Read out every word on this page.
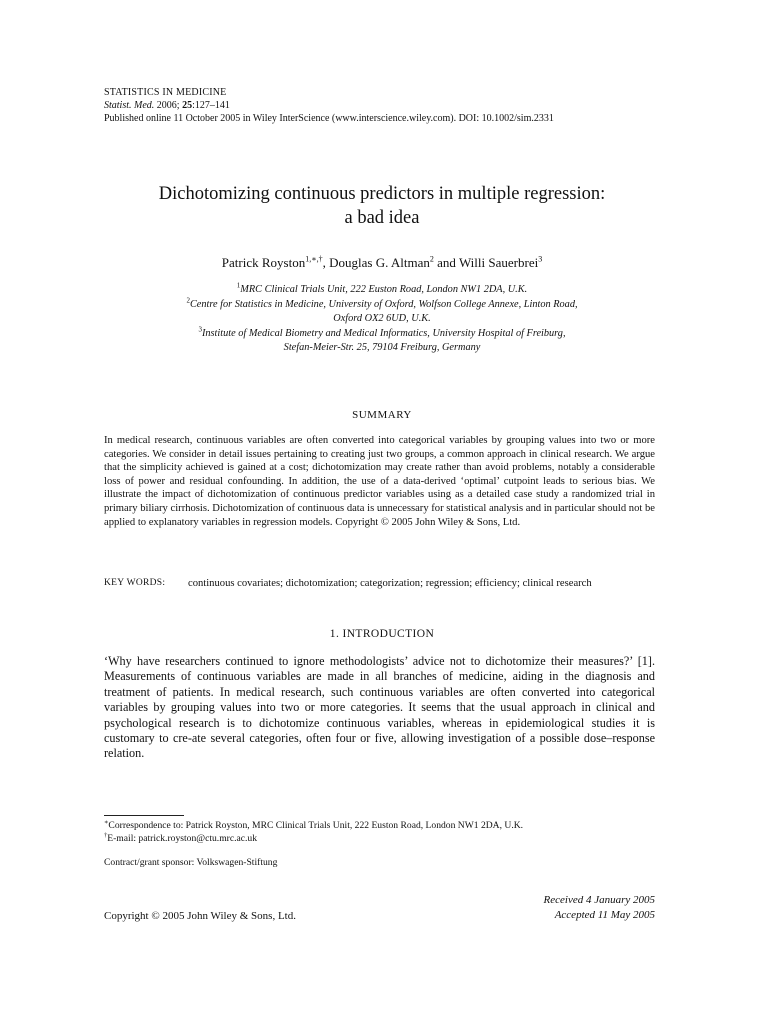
STATISTICS IN MEDICINE
Statist. Med. 2006; 25:127–141
Published online 11 October 2005 in Wiley InterScience (www.interscience.wiley.com). DOI: 10.1002/sim.2331
Dichotomizing continuous predictors in multiple regression:
a bad idea
Patrick Royston$^{1,∗,\dagger}$, Douglas G. Altman$^2$ and Willi Sauerbrei$^3$
$^1$MRC Clinical Trials Unit, 222 Euston Road, London NW1 2DA, U.K.
$^2$Centre for Statistics in Medicine, University of Oxford, Wolfson College Annexe, Linton Road,
Oxford OX2 6UD, U.K.
$^3$Institute of Medical Biometry and Medical Informatics, University Hospital of Freiburg,
Stefan-Meier-Str. 25, 79104 Freiburg, Germany
SUMMARY
In medical research, continuous variables are often converted into categorical variables by grouping values into two or more categories. We consider in detail issues pertaining to creating just two groups, a common approach in clinical research. We argue that the simplicity achieved is gained at a cost; dichotomization may create rather than avoid problems, notably a considerable loss of power and residual confounding. In addition, the use of a data-derived ‘optimal’ cutpoint leads to serious bias. We illustrate the impact of dichotomization of continuous predictor variables using as a detailed case study a randomized trial in primary biliary cirrhosis. Dichotomization of continuous data is unnecessary for statistical analysis and in particular should not be applied to explanatory variables in regression models. Copyright © 2005 John Wiley & Sons, Ltd.
KEY WORDS:	continuous covariates; dichotomization; categorization; regression; efficiency; clinical research
1. INTRODUCTION
‘Why have researchers continued to ignore methodologists’ advice not to dichotomize their measures?’ [1]. Measurements of continuous variables are made in all branches of medicine, aiding in the diagnosis and treatment of patients. In medical research, such continuous variables are often converted into categorical variables by grouping values into two or more categories. It seems that the usual approach in clinical and psychological research is to dichotomize continuous variables, whereas in epidemiological studies it is customary to cre-ate several categories, often four or five, allowing investigation of a possible dose–response relation.
∗Correspondence to: Patrick Royston, MRC Clinical Trials Unit, 222 Euston Road, London NW1 2DA, U.K.
†E-mail: patrick.royston@ctu.mrc.ac.uk
Contract/grant sponsor: Volkswagen-Stiftung
Received 4 January 2005
Accepted 11 May 2005
Copyright © 2005 John Wiley & Sons, Ltd.
